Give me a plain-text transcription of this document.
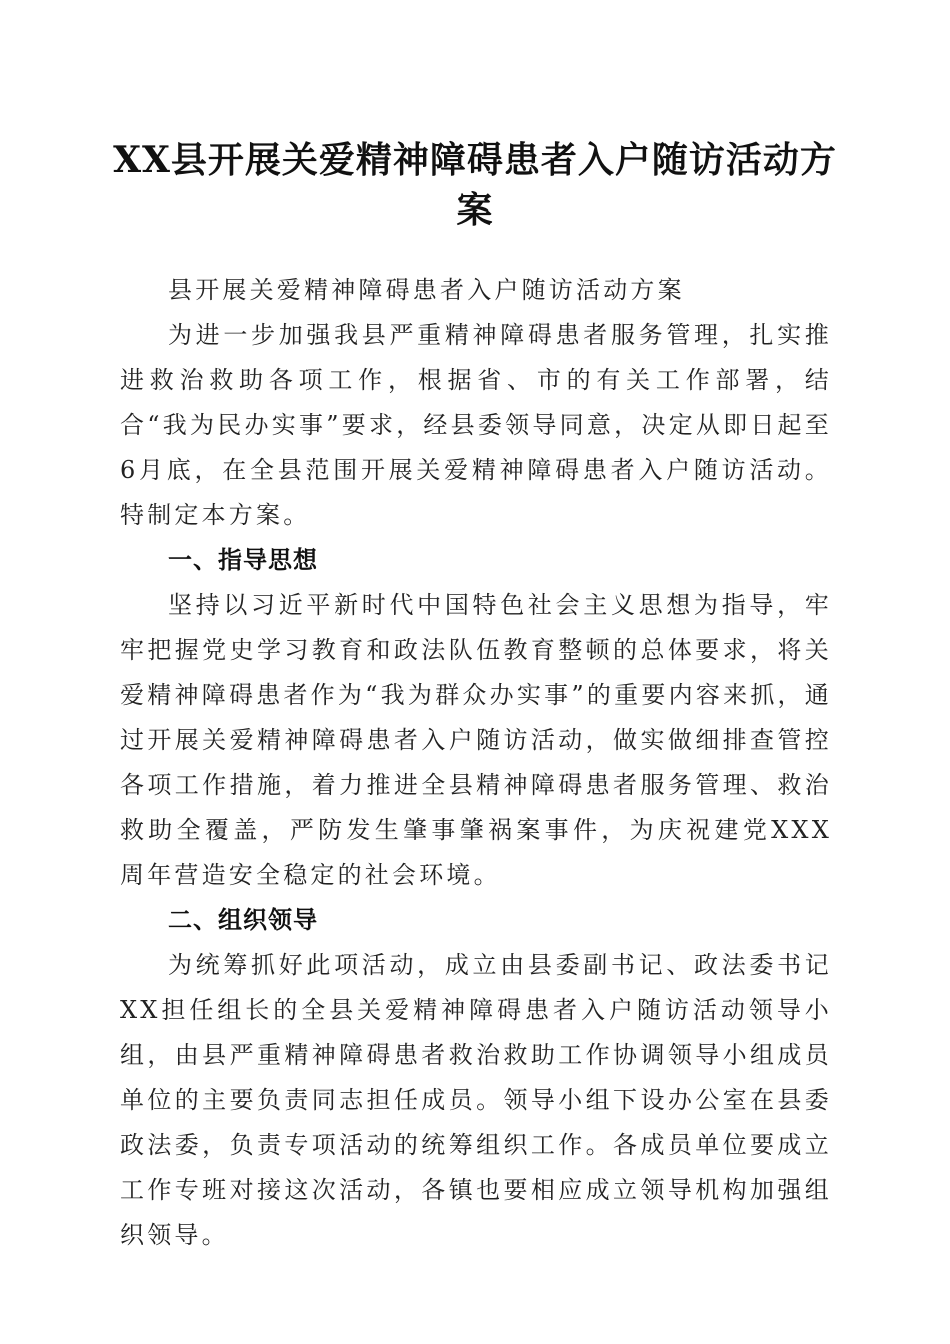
XX县开展关爱精神障碍患者入户随访活动方案

县开展关爱精神障碍患者入户随访活动方案

为进一步加强我县严重精神障碍患者服务管理，扎实推进救治救助各项工作，根据省、市的有关工作部署，结合“我为民办实事”要求，经县委领导同意，决定从即日起至6月底，在全县范围开展关爱精神障碍患者入户随访活动。特制定本方案。

一、指导思想

坚持以习近平新时代中国特色社会主义思想为指导，牢牢把握党史学习教育和政法队伍教育整顿的总体要求，将关爱精神障碍患者作为“我为群众办实事”的重要内容来抓，通过开展关爱精神障碍患者入户随访活动，做实做细排查管控各项工作措施，着力推进全县精神障碍患者服务管理、救治救助全覆盖，严防发生肇事肇祸案事件，为庆祝建党XXX周年营造安全稳定的社会环境。

二、组织领导

为统筹抓好此项活动，成立由县委副书记、政法委书记XX担任组长的全县关爱精神障碍患者入户随访活动领导小组，由县严重精神障碍患者救治救助工作协调领导小组成员单位的主要负责同志担任成员。领导小组下设办公室在县委政法委，负责专项活动的统筹组织工作。各成员单位要成立工作专班对接这次活动，各镇也要相应成立领导机构加强组织领导。
